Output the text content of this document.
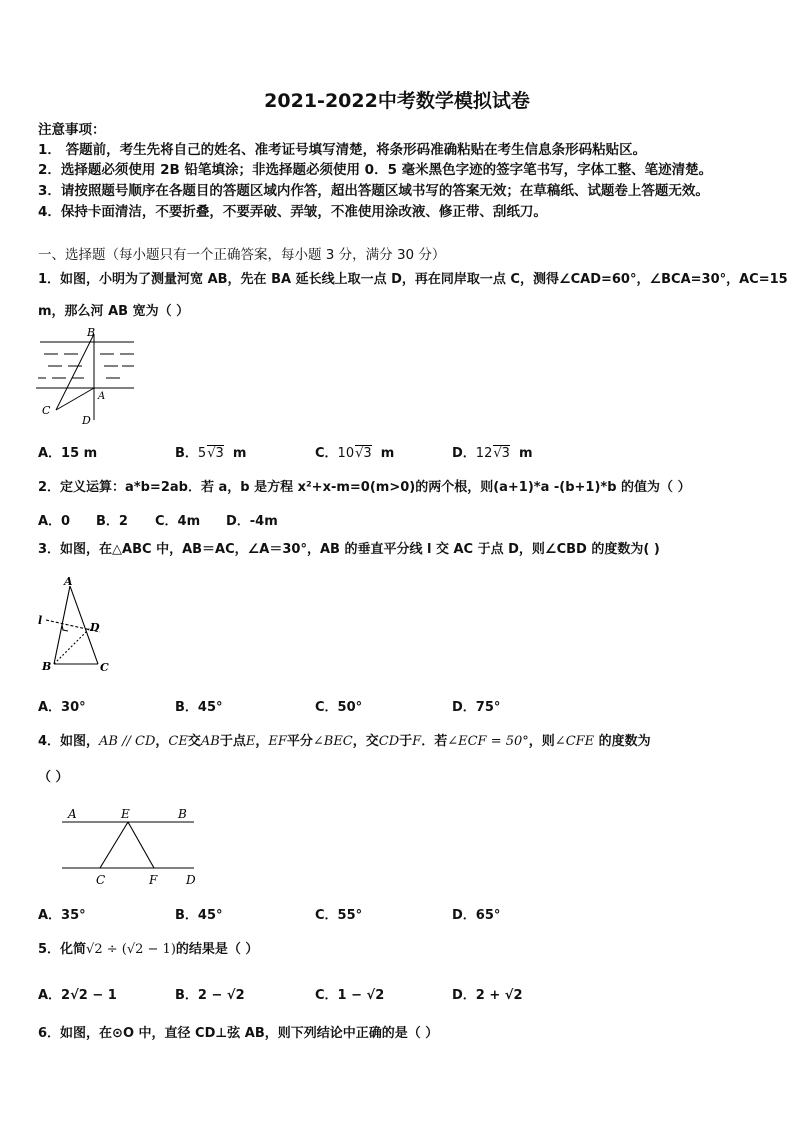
2021-2022中考数学模拟试卷
注意事项：
1． 答题前，考生先将自己的姓名、准考证号填写清楚，将条形码准确粘贴在考生信息条形码粘贴区。
2．选择题必须使用 2B 铅笔填涂；非选择题必须使用 0．5 毫米黑色字迹的签字笔书写，字体工整、笔迹清楚。
3．请按照题号顺序在各题目的答题区域内作答，超出答题区域书写的答案无效；在草稿纸、试题卷上答题无效。
4．保持卡面清洁，不要折叠，不要弄破、弄皱，不准使用涂改液、修正带、刮纸刀。
一、选择题（每小题只有一个正确答案，每小题 3 分，满分 30 分）
1．如图，小明为了测量河宽 AB，先在 BA 延长线上取一点 D，再在同岸取一点 C，测得∠CAD=60°，∠BCA=30°，AC=15
m，那么河 AB 宽为（ ）
B
A
C
D
A．15 m	B．5√3 m	C．10√3 m	D．12√3 m
2．定义运算：a*b=2ab．若 a，b 是方程 x²+x-m=0(m>0)的两个根，则(a+1)*a -(b+1)*b 的值为（ ）
A．0 B．2 C．4m D．-4m
3．如图，在△ABC 中，AB＝AC，∠A＝30°，AB 的垂直平分线 l 交 AC 于点 D，则∠CBD 的度数为( )
A
l
D
B	C
A．30°	B．45°	C．50°	D．75°
4．如图，AB // CD，CE交AB于点E，EF平分∠BEC，交CD于F．若∠ECF = 50°，则∠CFE 的度数为
（ ）
A	E	B
C	F D
A．35°	B．45°	C．55°	D．65°
5．化简√2 ÷ (√2 − 1)的结果是（ ）
A．2√2 − 1	B．2 − √2	C．1 − √2	D．2 + √2
6．如图，在⊙O 中，直径 CD⊥弦 AB，则下列结论中正确的是（ ）
